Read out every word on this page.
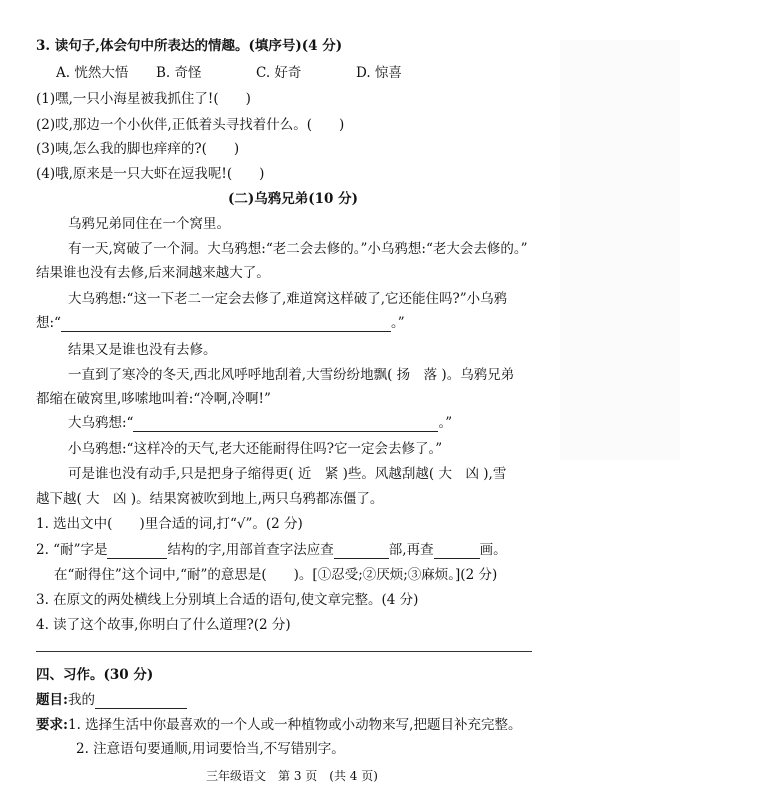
3. 读句子,体会句中所表达的情趣。(填序号)(4 分)
A. 恍然大悟 B. 奇怪	C. 好奇	D. 惊喜
(1)嘿,一只小海星被我抓住了!(　　)
(2)哎,那边一个小伙伴,正低着头寻找着什么。(　　)
(3)咦,怎么我的脚也痒痒的?(　　)
(4)哦,原来是一只大虾在逗我呢!(　　)
(二)乌鸦兄弟(10 分)
乌鸦兄弟同住在一个窝里。
有一天,窝破了一个洞。大乌鸦想:“老二会去修的。”小乌鸦想:“老大会去修的。”
结果谁也没有去修,后来洞越来越大了。
大乌鸦想:“这一下老二一定会去修了,难道窝这样破了,它还能住吗?”小乌鸦
想:“	。”
结果又是谁也没有去修。
一直到了寒冷的冬天,西北风呼呼地刮着,大雪纷纷地飘( 扬　落 )。乌鸦兄弟
都缩在破窝里,哆嗦地叫着:“冷啊,冷啊!”
大乌鸦想:“	。”
小乌鸦想:“这样冷的天气,老大还能耐得住吗?它一定会去修了。”
可是谁也没有动手,只是把身子缩得更( 近　紧 )些。风越刮越( 大　凶 ),雪
越下越( 大　凶 )。结果窝被吹到地上,两只乌鸦都冻僵了。
1. 选出文中(　　)里合适的词,打“√”。(2 分)
2. “耐”字是	结构的字,用部首查字法应查	部,再查	画。
在“耐得住”这个词中,“耐”的意思是(　　)。[①忍受;②厌烦;③麻烦。](2 分)
3. 在原文的两处横线上分别填上合适的语句,使文章完整。(4 分)
4. 读了这个故事,你明白了什么道理?(2 分)
四、习作。(30 分)
题目:我的
要求:1. 选择生活中你最喜欢的一个人或一种植物或小动物来写,把题目补充完整。
2. 注意语句要通顺,用词要恰当,不写错别字。
三年级语文　第 3 页　(共 4 页)
